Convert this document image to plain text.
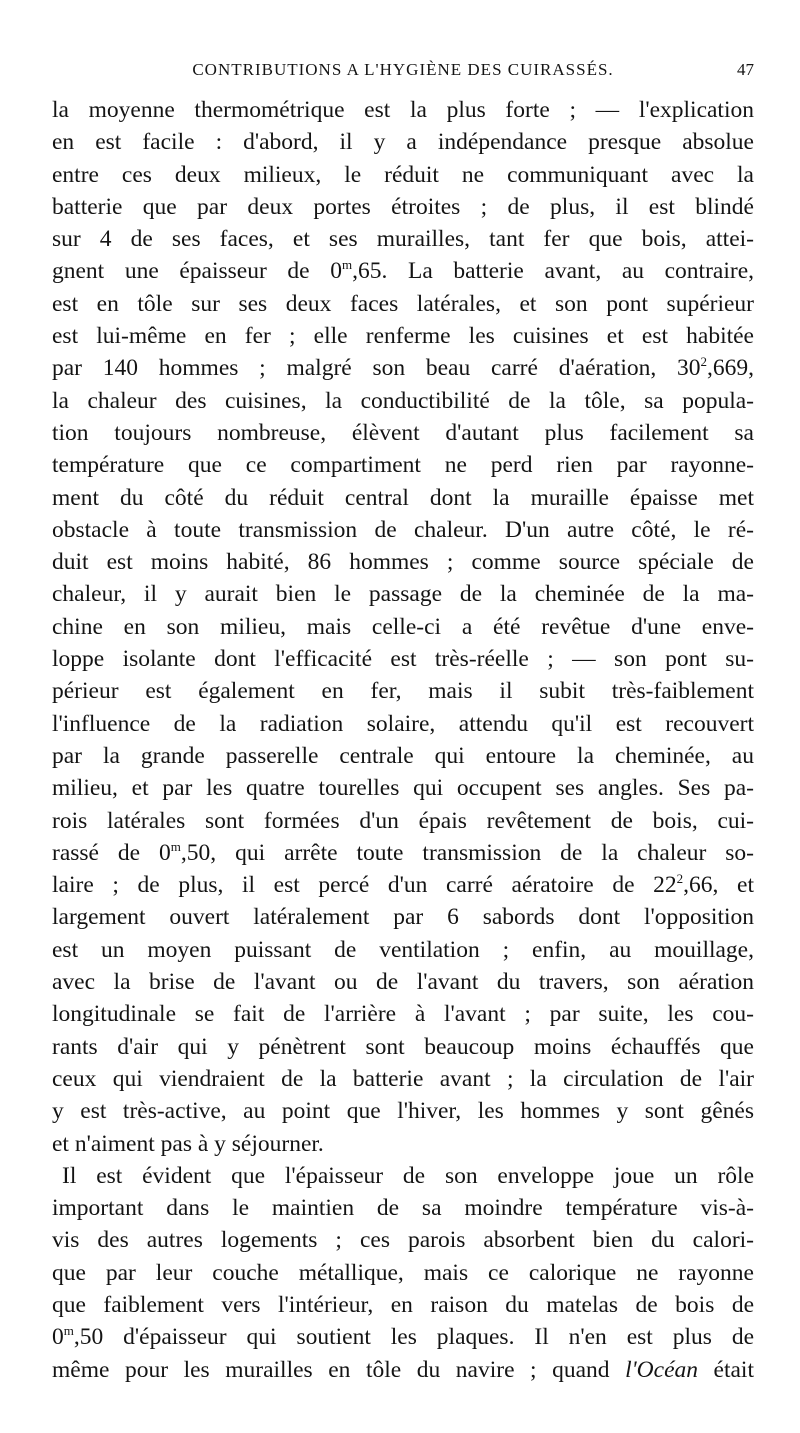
CONTRIBUTIONS A L'HYGIÈNE DES CUIRASSÉS.	47
la moyenne thermométrique est la plus forte ; — l'explication
en est facile : d'abord, il y a indépendance presque absolue
entre ces deux milieux, le réduit ne communiquant avec la
batterie que par deux portes étroites ; de plus, il est blindé
sur 4 de ses faces, et ses murailles, tant fer que bois, attei-
gnent une épaisseur de 0$^m$,65. La batterie avant, au contraire,
est en tôle sur ses deux faces latérales, et son pont supérieur
est lui-même en fer ; elle renferme les cuisines et est habitée
par 140 hommes ; malgré son beau carré d'aération, $30^2,669$,
la chaleur des cuisines, la conductibilité de la tôle, sa popula-
tion toujours nombreuse, élèvent d'autant plus facilement sa
température que ce compartiment ne perd rien par rayonne-
ment du côté du réduit central dont la muraille épaisse met
obstacle à toute transmission de chaleur. D'un autre côté, le ré-
duit est moins habité, 86 hommes ; comme source spéciale de
chaleur, il y aurait bien le passage de la cheminée de la ma-
chine en son milieu, mais celle-ci a été revêtue d'une enve-
loppe isolante dont l'efficacité est très-réelle ; — son pont su-
périeur est également en fer, mais il subit très-faiblement
l'influence de la radiation solaire, attendu qu'il est recouvert
par la grande passerelle centrale qui entoure la cheminée, au
milieu, et par les quatre tourelles qui occupent ses angles. Ses pa-
rois latérales sont formées d'un épais revêtement de bois, cui-
rassé de 0$^m$,50, qui arrête toute transmission de la chaleur so-
laire ; de plus, il est percé d'un carré aératoire de $22^2,66$, et
largement ouvert latéralement par 6 sabords dont l'opposition
est un moyen puissant de ventilation ; enfin, au mouillage,
avec la brise de l'avant ou de l'avant du travers, son aération
longitudinale se fait de l'arrière à l'avant ; par suite, les cou-
rants d'air qui y pénètrent sont beaucoup moins échauffés que
ceux qui viendraient de la batterie avant ; la circulation de l'air
y est très-active, au point que l'hiver, les hommes y sont gênés
et n'aiment pas à y séjourner.
Il est évident que l'épaisseur de son enveloppe joue un rôle
important dans le maintien de sa moindre température vis-à-
vis des autres logements ; ces parois absorbent bien du calori-
que par leur couche métallique, mais ce calorique ne rayonne
que faiblement vers l'intérieur, en raison du matelas de bois de
0$^m$,50 d'épaisseur qui soutient les plaques. Il n'en est plus de
même pour les murailles en tôle du navire ; quand l'Océan était
